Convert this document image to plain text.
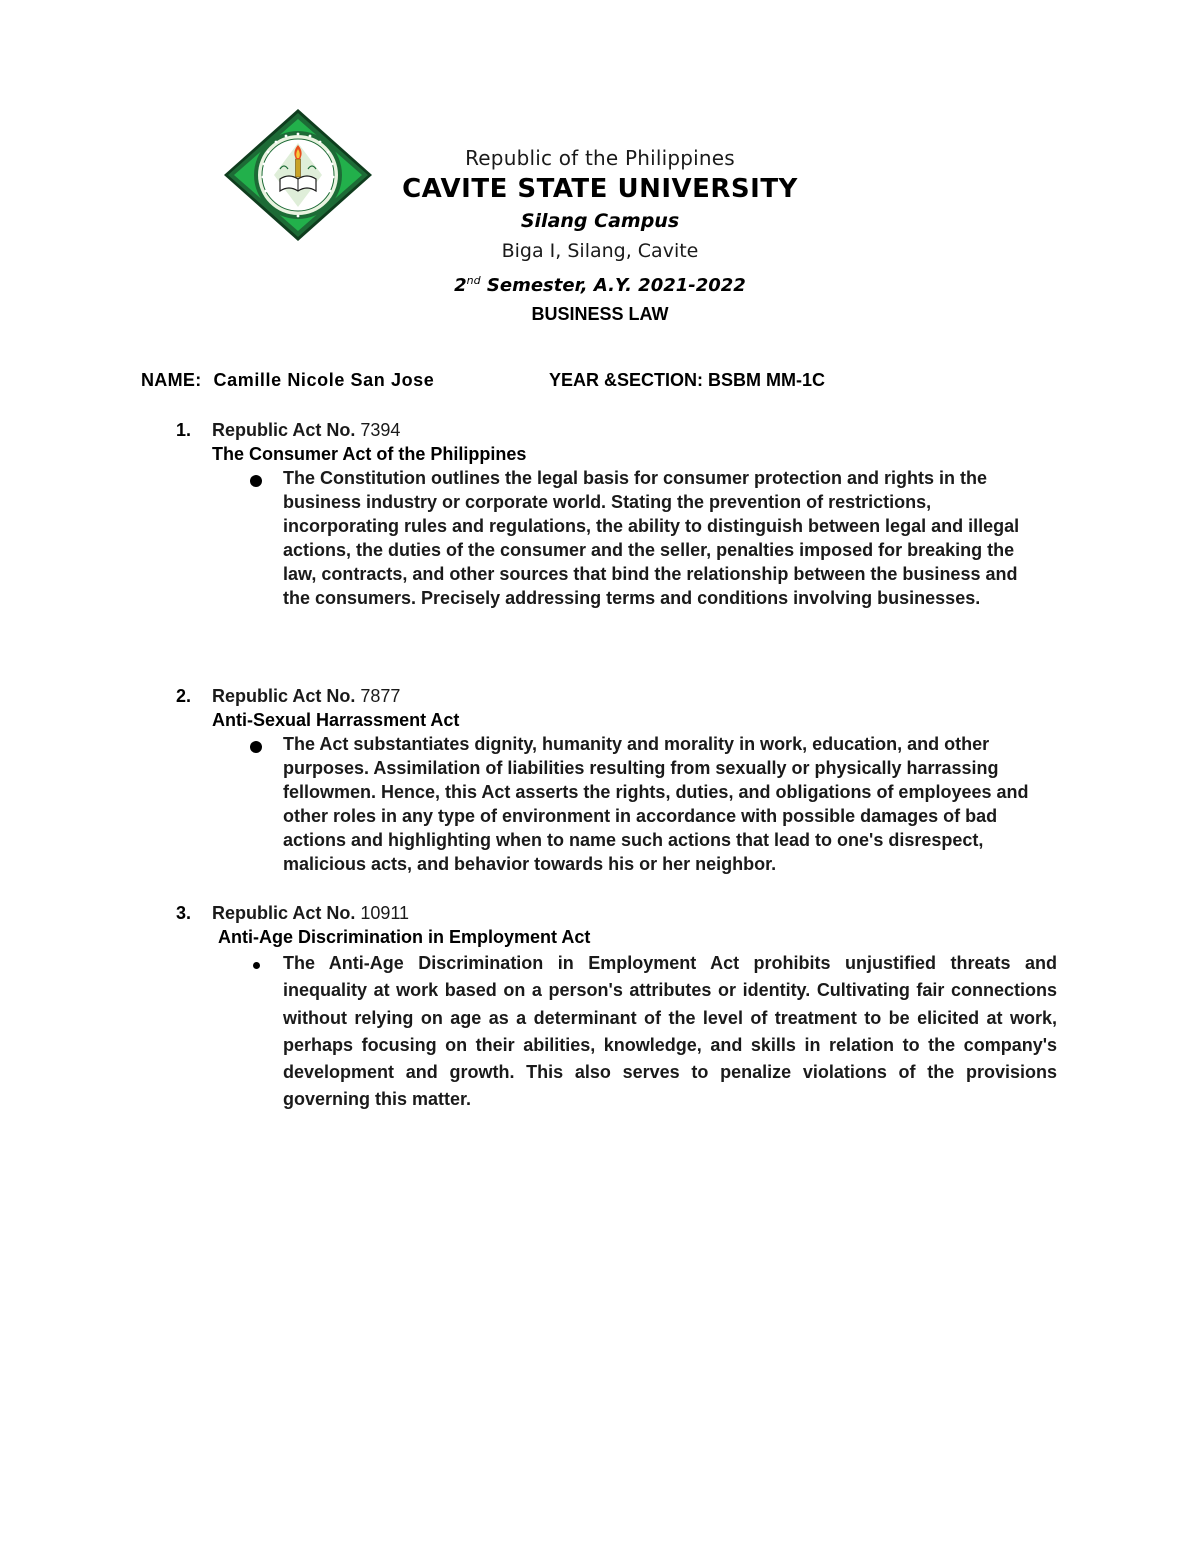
Republic of the Philippines
CAVITE STATE UNIVERSITY
Silang Campus
Biga I, Silang, Cavite
2nd Semester, A.Y. 2021-2022
BUSINESS LAW
NAME: Camille Nicole San Jose	YEAR &SECTION: BSBM MM-1C
1. Republic Act No. 7394
The Consumer Act of the Philippines
The Constitution outlines the legal basis for consumer protection and rights in the business industry or corporate world. Stating the prevention of restrictions, incorporating rules and regulations, the ability to distinguish between legal and illegal actions, the duties of the consumer and the seller, penalties imposed for breaking the law, contracts, and other sources that bind the relationship between the business and the consumers. Precisely addressing terms and conditions involving businesses.
2. Republic Act No. 7877
Anti-Sexual Harrassment Act
The Act substantiates dignity, humanity and morality in work, education, and other purposes. Assimilation of liabilities resulting from sexually or physically harrassing fellowmen. Hence, this Act asserts the rights, duties, and obligations of employees and other roles in any type of environment in accordance with possible damages of bad actions and highlighting when to name such actions that lead to one's disrespect, malicious acts, and behavior towards his or her neighbor.
3. Republic Act No. 10911
Anti-Age Discrimination in Employment Act
The Anti-Age Discrimination in Employment Act prohibits unjustified threats and inequality at work based on a person's attributes or identity. Cultivating fair connections without relying on age as a determinant of the level of treatment to be elicited at work, perhaps focusing on their abilities, knowledge, and skills in relation to the company's development and growth. This also serves to penalize violations of the provisions governing this matter.
